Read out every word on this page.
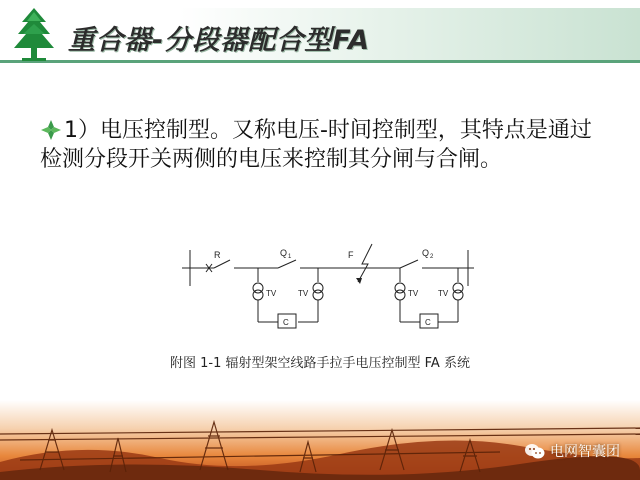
重合器-分段器配合型FA
1）电压控制型。又称电压-时间控制型，其特点是通过检测分段开关两侧的电压来控制其分闸与合闸。
R	Q 1	F	Q 2
TV	TV	TV TV
C	C
附图 1-1 辐射型架空线路手拉手电压控制型 FA 系统
电网智囊团
